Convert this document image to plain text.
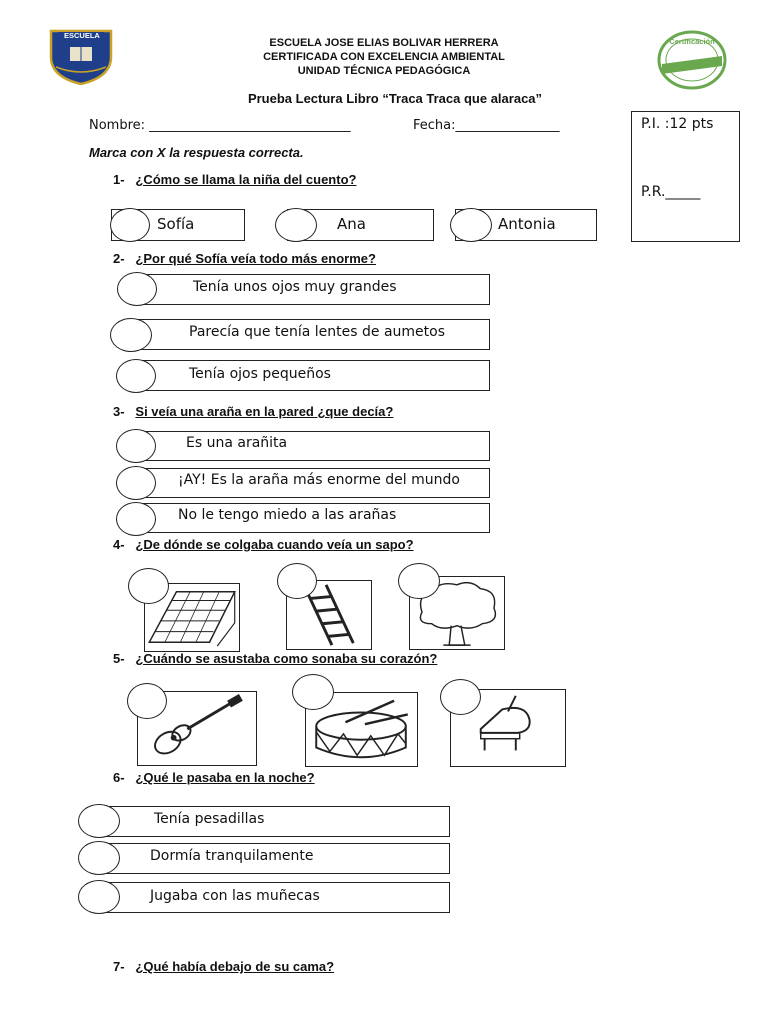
ESCUELA
Certificación
ESCUELA JOSE ELIAS BOLIVAR HERRERA
CERTIFICADA CON EXCELENCIA AMBIENTAL
UNIDAD TÉCNICA PEDAGÓGICA
Prueba Lectura Libro “Traca Traca que alaraca”
Nombre: _______________________________	Fecha:________________	P.I. :12 pts
P.R._____
Marca con X la respuesta correcta.
1- ¿Cómo se llama la niña del cuento?
Sofía	Ana	Antonia
2- ¿Por qué Sofía veía todo más enorme?
Tenía unos ojos muy grandes
Parecía que tenía lentes de aumetos
Tenía ojos pequeños
3- Si veía una araña en la pared ¿que decía?
Es una arañita
¡AY! Es la araña más enorme del mundo
No le tengo miedo a las arañas
4- ¿De dónde se colgaba cuando veía un sapo?
5- ¿Cuándo se asustaba como sonaba su corazón?
6- ¿Qué le pasaba en la noche?
Tenía pesadillas
Dormía tranquilamente
Jugaba con las muñecas
7- ¿Qué había debajo de su cama?
